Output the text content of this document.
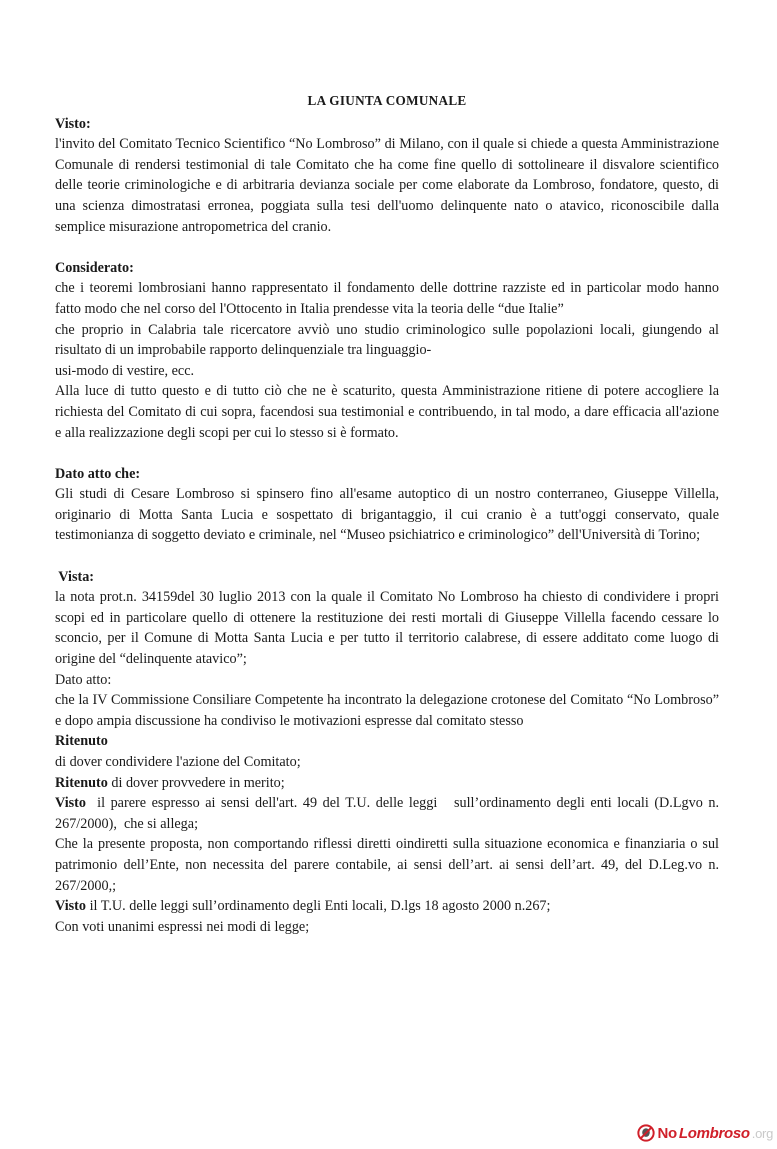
LA GIUNTA COMUNALE

Visto:

l'invito del Comitato Tecnico Scientifico “No Lombroso” di Milano, con il quale si chiede a questa Amministrazione Comunale di rendersi testimonial di tale Comitato che ha come fine quello di sottolineare il disvalore scientifico delle teorie criminologiche e di arbitraria devianza sociale per come elaborate da Lombroso, fondatore, questo, di una scienza dimostratasi erronea, poggiata sulla tesi dell'uomo delinquente nato o atavico, riconoscibile dalla semplice misurazione antropometrica del cranio.

Considerato:

che i teoremi lombrosiani hanno rappresentato il fondamento delle dottrine razziste ed in particolar modo hanno fatto modo che nel corso del l'Ottocento in Italia prendesse vita la teoria delle “due Italie”

che proprio in Calabria tale ricercatore avviò uno studio criminologico sulle popolazioni locali, giungendo al risultato di un improbabile rapporto delinquenziale tra linguaggio-

usi-modo di vestire, ecc.

Alla luce di tutto questo e di tutto ciò che ne è scaturito, questa Amministrazione ritiene di potere accogliere la richiesta del Comitato di cui sopra, facendosi sua testimonial e contribuendo, in tal modo, a dare efficacia all'azione e alla realizzazione degli scopi per cui lo stesso si è formato.

Dato atto che:

Gli studi di Cesare Lombroso si spinsero fino all'esame autoptico di un nostro conterraneo, Giuseppe Villella, originario di Motta Santa Lucia e sospettato di brigantaggio, il cui cranio è a tutt'oggi conservato, quale testimonianza di soggetto deviato e criminale, nel “Museo psichiatrico e criminologico” dell'Università di Torino;

Vista:

la nota prot.n. 34159del 30 luglio 2013 con la quale il Comitato No Lombroso ha chiesto di condividere i propri scopi ed in particolare quello di ottenere la restituzione dei resti mortali di Giuseppe Villella facendo cessare lo sconcio, per il Comune di Motta Santa Lucia e per tutto il territorio calabrese, di essere additato come luogo di origine del “delinquente atavico”;

Dato atto:

che la IV Commissione Consiliare Competente ha incontrato la delegazione crotonese del Comitato “No Lombroso” e dopo ampia discussione ha condiviso le motivazioni espresse dal comitato stesso

Ritenuto

di dover condividere l'azione del Comitato;

Ritenuto di dover provvedere in merito;

Visto  il parere espresso ai sensi dell'art. 49 del T.U. delle leggi   sull’ordinamento degli enti locali (D.Lgvo n. 267/2000),  che si allega;

Che la presente proposta, non comportando riflessi diretti oindiretti sulla situazione economica e finanziaria o sul patrimonio dell’Ente, non necessita del parere contabile, ai sensi dell’art. ai sensi dell’art. 49, del D.Leg.vo n. 267/2000,;

Visto il T.U. delle leggi sull’ordinamento degli Enti locali, D.lgs 18 agosto 2000 n.267;

Con voti unanimi espressi nei modi di legge;

No Lombroso .org
